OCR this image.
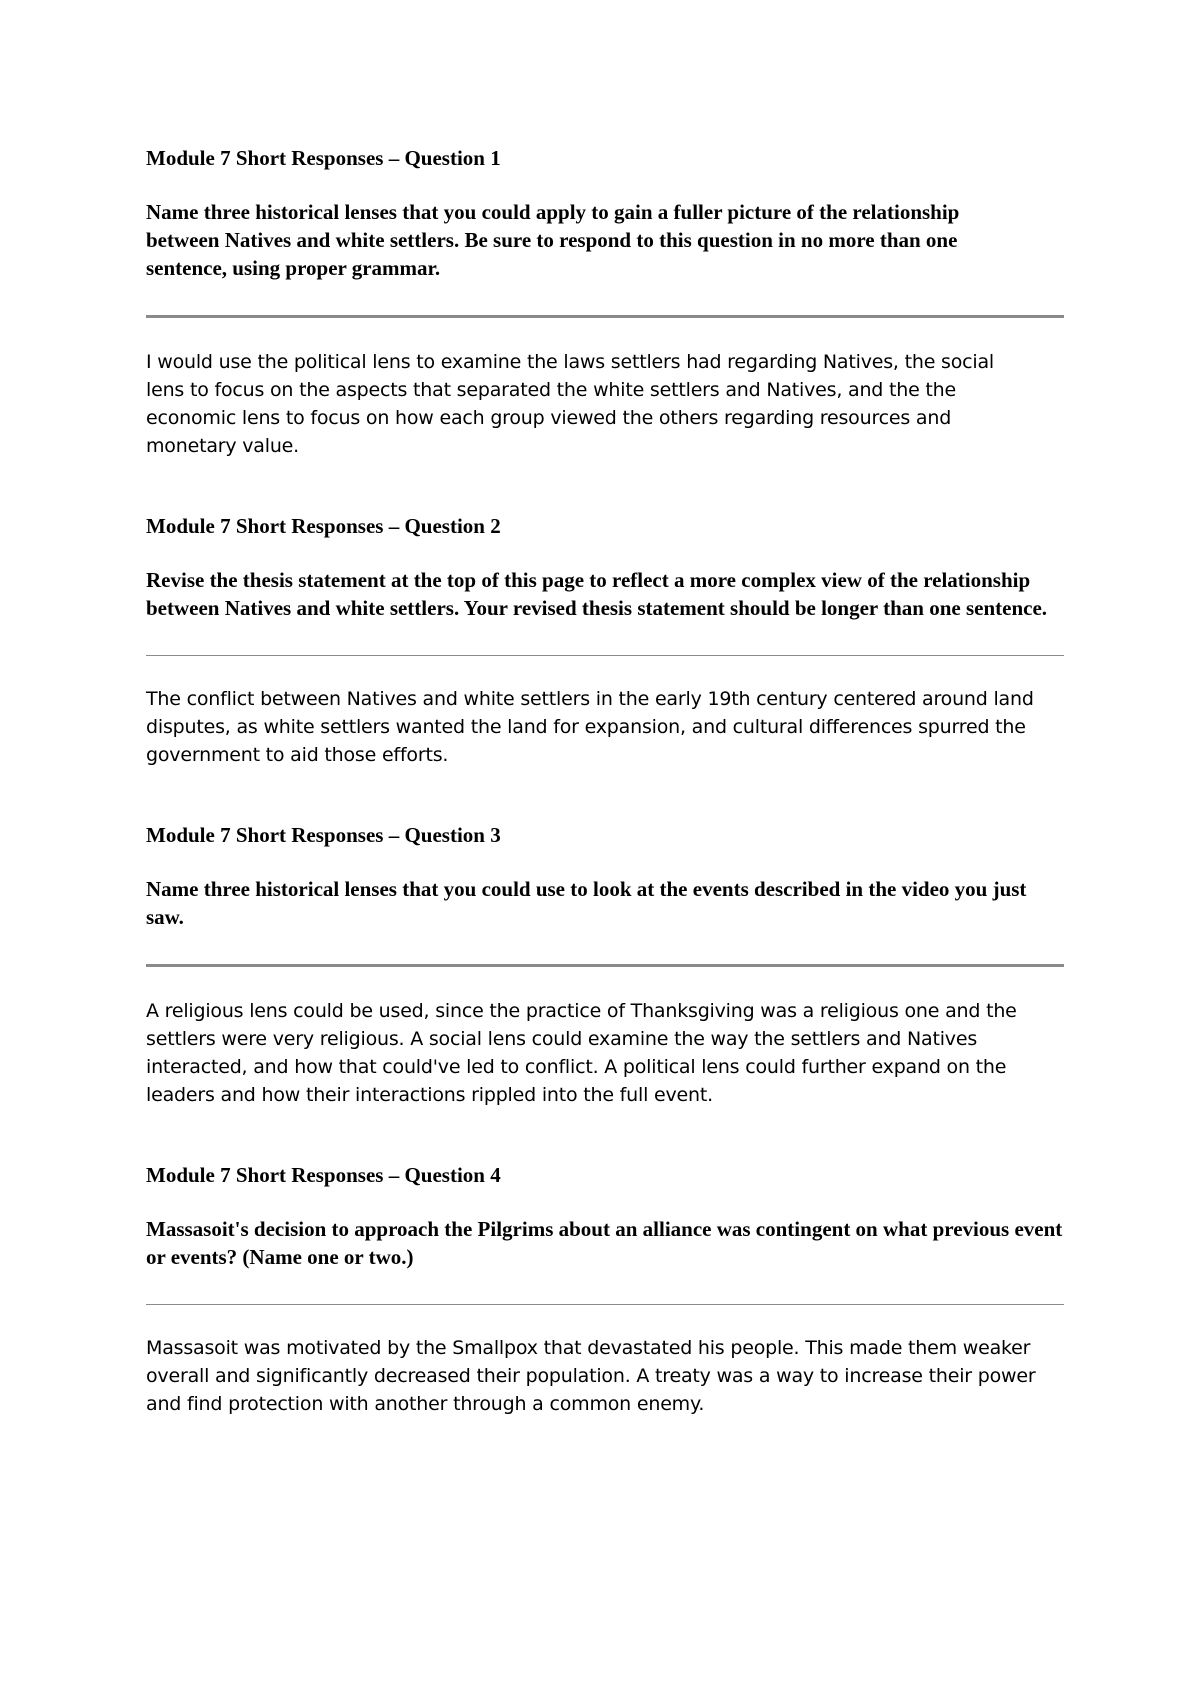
Module 7 Short Responses – Question 1

Name three historical lenses that you could apply to gain a fuller picture of the relationship between Natives and white settlers. Be sure to respond to this question in no more than one sentence, using proper grammar.

I would use the political lens to examine the laws settlers had regarding Natives, the social lens to focus on the aspects that separated the white settlers and Natives, and the the economic lens to focus on how each group viewed the others regarding resources and monetary value.

Module 7 Short Responses – Question 2

Revise the thesis statement at the top of this page to reflect a more complex view of the relationship between Natives and white settlers. Your revised thesis statement should be longer than one sentence.

The conflict between Natives and white settlers in the early 19th century centered around land disputes, as white settlers wanted the land for expansion, and cultural differences spurred the government to aid those efforts.

Module 7 Short Responses – Question 3

Name three historical lenses that you could use to look at the events described in the video you just saw.

A religious lens could be used, since the practice of Thanksgiving was a religious one and the settlers were very religious. A social lens could examine the way the settlers and Natives interacted, and how that could've led to conflict. A political lens could further expand on the leaders and how their interactions rippled into the full event.

Module 7 Short Responses – Question 4

Massasoit's decision to approach the Pilgrims about an alliance was contingent on what previous event or events? (Name one or two.)

Massasoit was motivated by the Smallpox that devastated his people. This made them weaker overall and significantly decreased their population. A treaty was a way to increase their power and find protection with another through a common enemy.
